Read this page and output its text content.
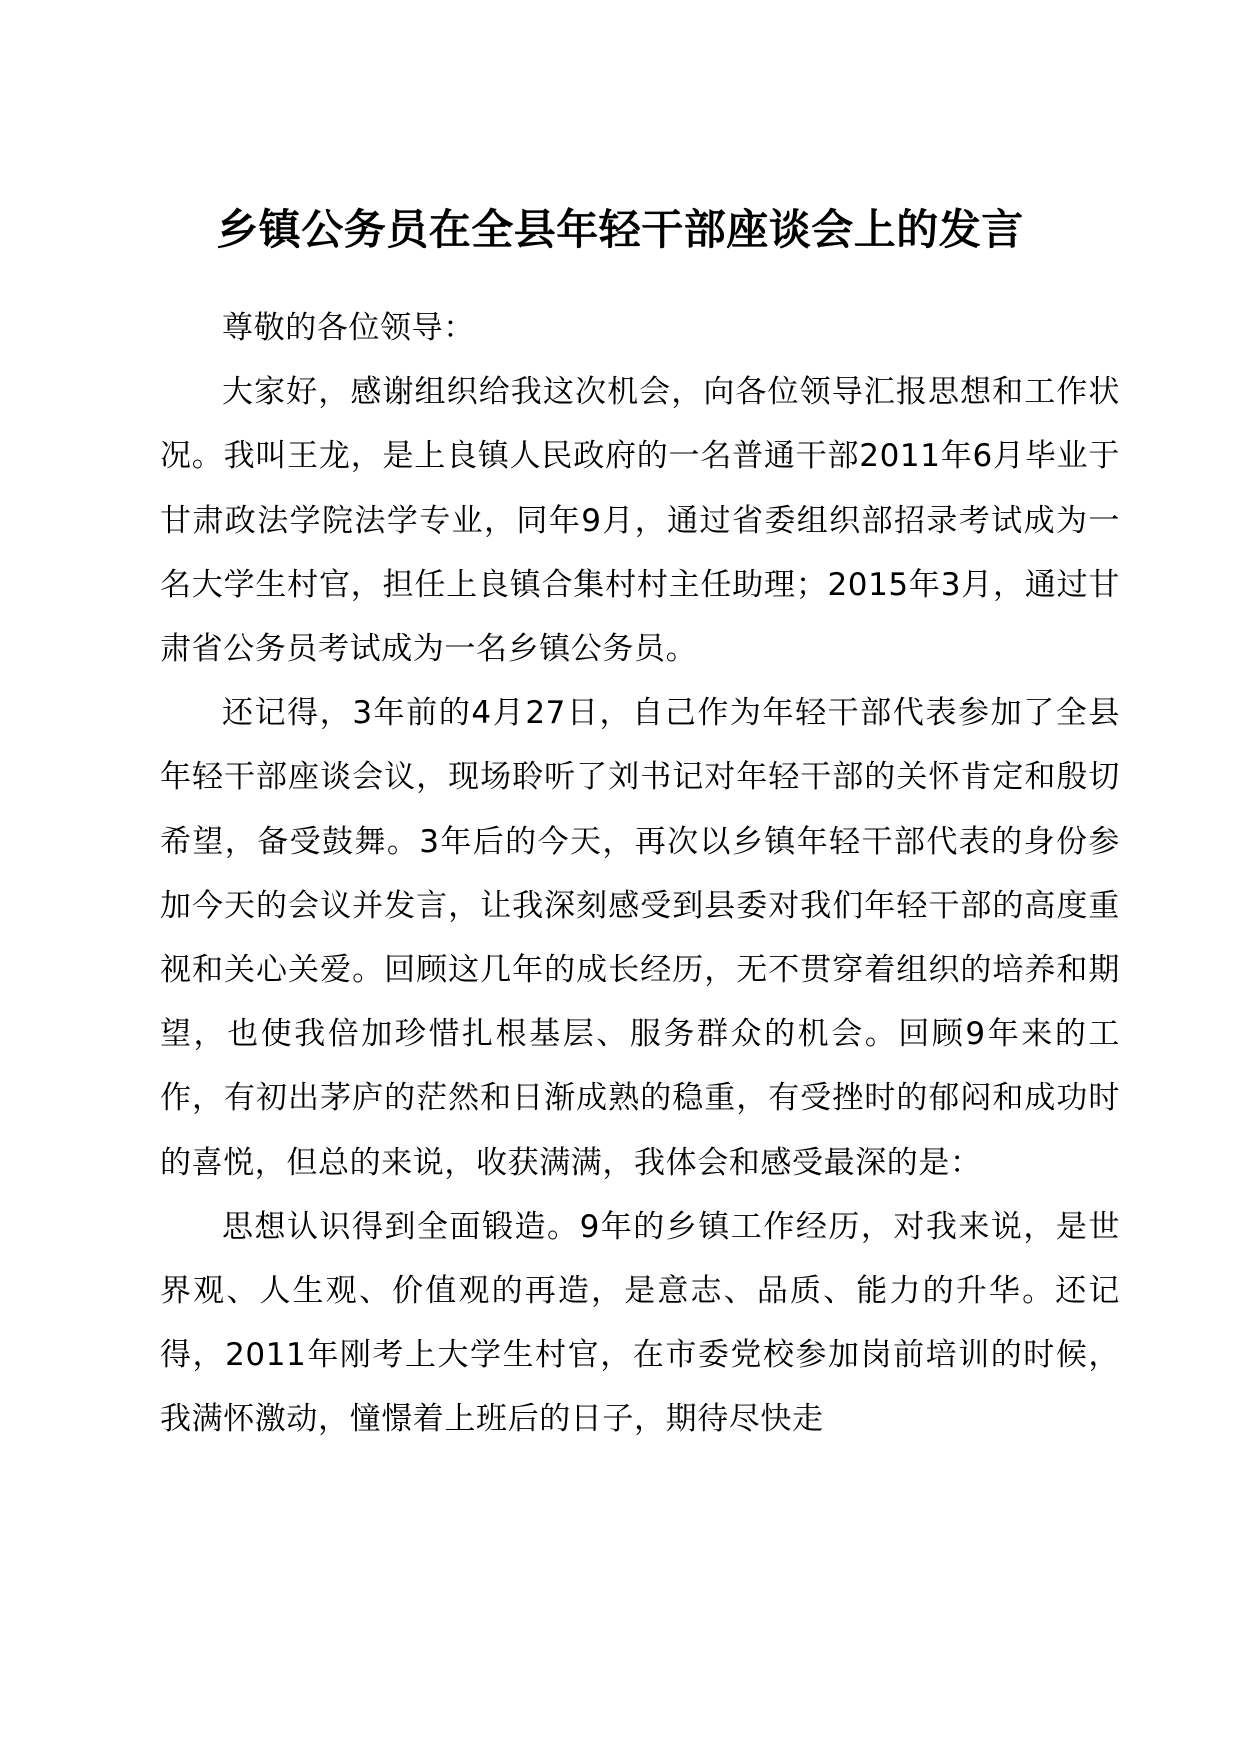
乡镇公务员在全县年轻干部座谈会上的发言

尊敬的各位领导：

大家好，感谢组织给我这次机会，向各位领导汇报思想和工作状况。我叫王龙，是上良镇人民政府的一名普通干部2011年6月毕业于甘肃政法学院法学专业，同年9月，通过省委组织部招录考试成为一名大学生村官，担任上良镇合集村村主任助理；2015年3月，通过甘肃省公务员考试成为一名乡镇公务员。

还记得，3年前的4月27日，自己作为年轻干部代表参加了全县年轻干部座谈会议，现场聆听了刘书记对年轻干部的关怀肯定和殷切希望，备受鼓舞。3年后的今天，再次以乡镇年轻干部代表的身份参加今天的会议并发言，让我深刻感受到县委对我们年轻干部的高度重视和关心关爱。回顾这几年的成长经历，无不贯穿着组织的培养和期望，也使我倍加珍惜扎根基层、服务群众的机会。回顾9年来的工作，有初出茅庐的茫然和日渐成熟的稳重，有受挫时的郁闷和成功时的喜悦，但总的来说，收获满满，我体会和感受最深的是：

思想认识得到全面锻造。9年的乡镇工作经历，对我来说，是世界观、人生观、价值观的再造，是意志、品质、能力的升华。还记得，2011年刚考上大学生村官，在市委党校参加岗前培训的时候，我满怀激动，憧憬着上班后的日子，期待尽快走
